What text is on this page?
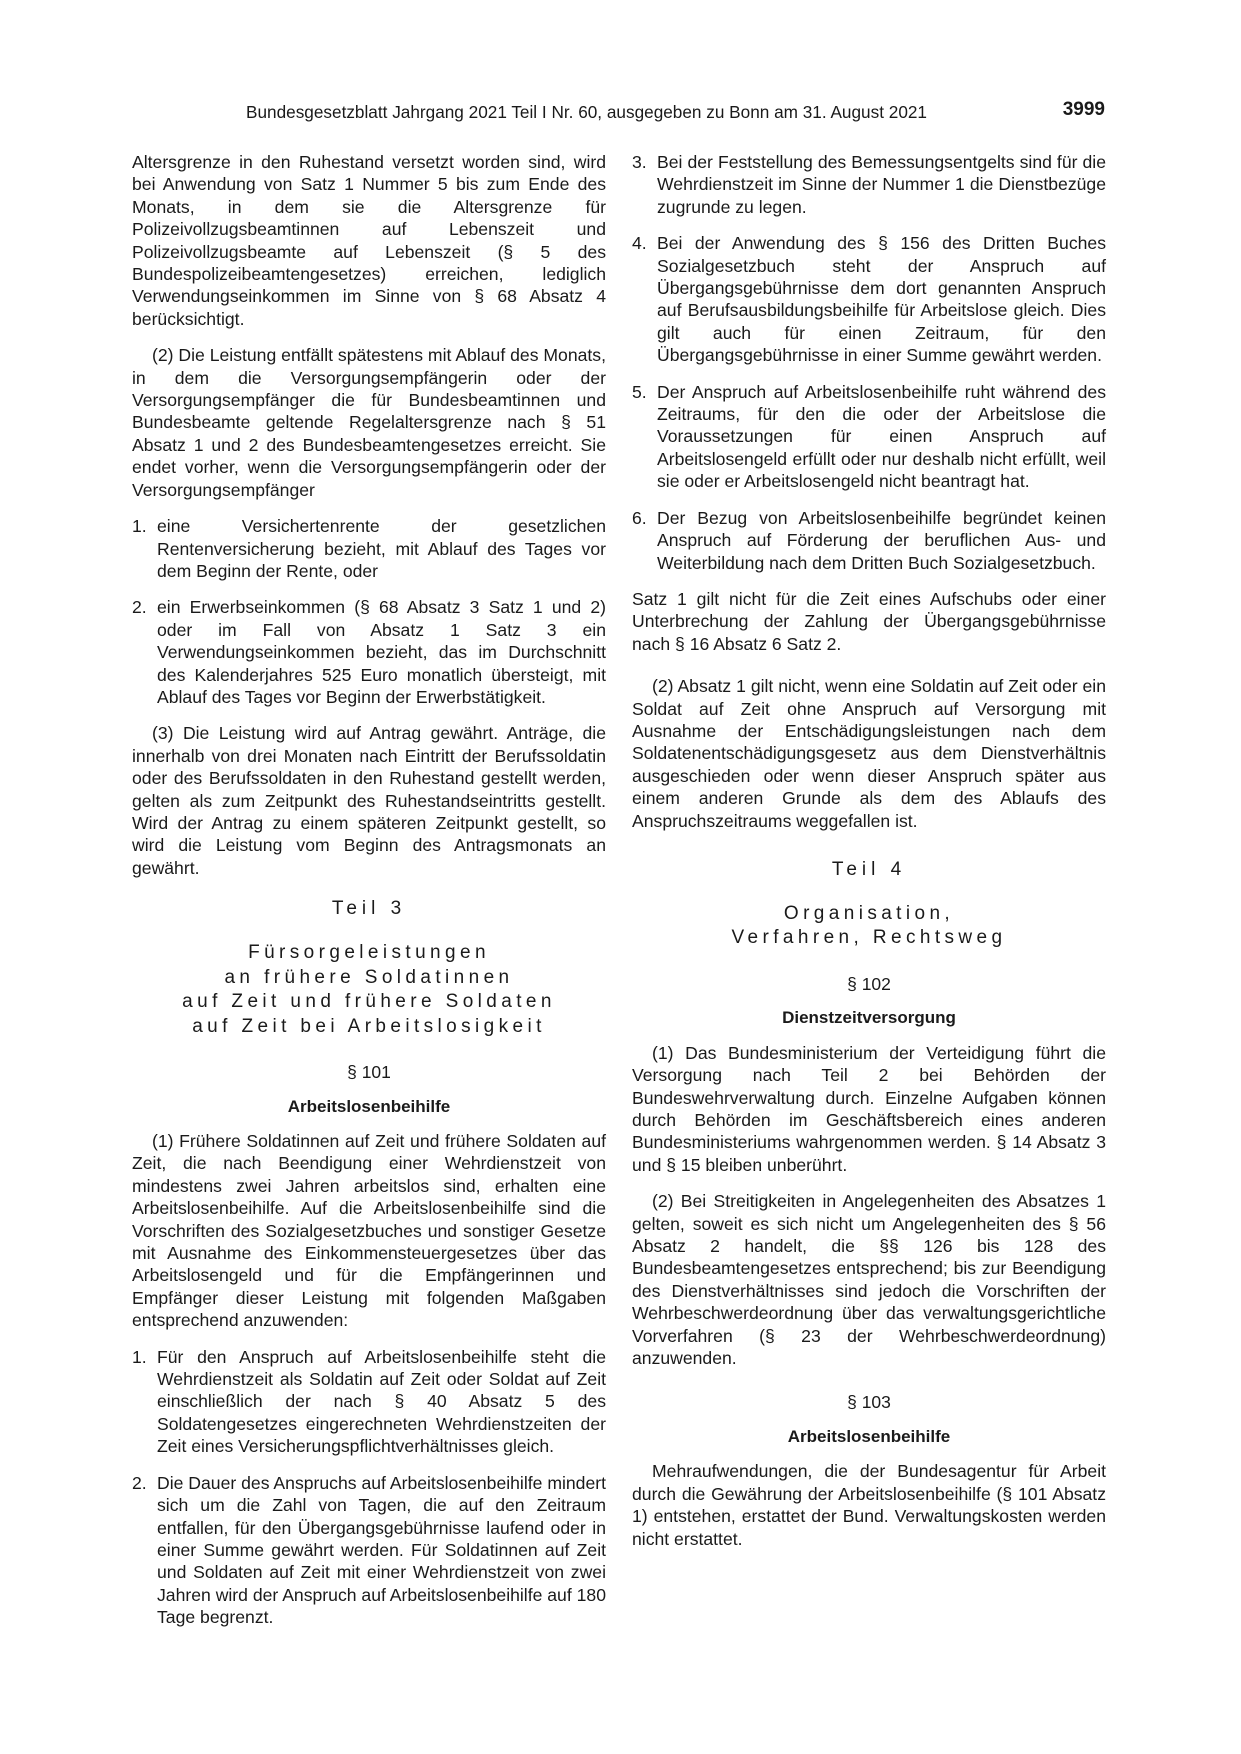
Bundesgesetzblatt Jahrgang 2021 Teil I Nr. 60, ausgegeben zu Bonn am 31. August 2021	3999

Altersgrenze in den Ruhestand versetzt worden sind, wird bei Anwendung von Satz 1 Nummer 5 bis zum Ende des Monats, in dem sie die Altersgrenze für Polizeivollzugsbeamtinnen auf Lebenszeit und Polizeivollzugsbeamte auf Lebenszeit (§ 5 des Bundespolizeibeamtengesetzes) erreichen, lediglich Verwendungseinkommen im Sinne von § 68 Absatz 4 berücksichtigt.

(2) Die Leistung entfällt spätestens mit Ablauf des Monats, in dem die Versorgungsempfängerin oder der Versorgungsempfänger die für Bundesbeamtinnen und Bundesbeamte geltende Regelaltersgrenze nach § 51 Absatz 1 und 2 des Bundesbeamtengesetzes erreicht. Sie endet vorher, wenn die Versorgungsempfängerin oder der Versorgungsempfänger

1. eine Versichertenrente der gesetzlichen Rentenversicherung bezieht, mit Ablauf des Tages vor dem Beginn der Rente, oder
2. ein Erwerbseinkommen (§ 68 Absatz 3 Satz 1 und 2) oder im Fall von Absatz 1 Satz 3 ein Verwendungseinkommen bezieht, das im Durchschnitt des Kalenderjahres 525 Euro monatlich übersteigt, mit Ablauf des Tages vor Beginn der Erwerbstätigkeit.

(3) Die Leistung wird auf Antrag gewährt. Anträge, die innerhalb von drei Monaten nach Eintritt der Berufssoldatin oder des Berufssoldaten in den Ruhestand gestellt werden, gelten als zum Zeitpunkt des Ruhestandseintritts gestellt. Wird der Antrag zu einem späteren Zeitpunkt gestellt, so wird die Leistung vom Beginn des Antragsmonats an gewährt.

Teil 3
Fürsorgeleistungen
an frühere Soldatinnen
auf Zeit und frühere Soldaten
auf Zeit bei Arbeitslosigkeit
§ 101
Arbeitslosenbeihilfe

(1) Frühere Soldatinnen auf Zeit und frühere Soldaten auf Zeit, die nach Beendigung einer Wehrdienstzeit von mindestens zwei Jahren arbeitslos sind, erhalten eine Arbeitslosenbeihilfe. Auf die Arbeitslosenbeihilfe sind die Vorschriften des Sozialgesetzbuches und sonstiger Gesetze mit Ausnahme des Einkommensteuergesetzes über das Arbeitslosengeld und für die Empfängerinnen und Empfänger dieser Leistung mit folgenden Maßgaben entsprechend anzuwenden:

1. Für den Anspruch auf Arbeitslosenbeihilfe steht die Wehrdienstzeit als Soldatin auf Zeit oder Soldat auf Zeit einschließlich der nach § 40 Absatz 5 des Soldatengesetzes eingerechneten Wehrdienstzeiten der Zeit eines Versicherungspflichtverhältnisses gleich.
2. Die Dauer des Anspruchs auf Arbeitslosenbeihilfe mindert sich um die Zahl von Tagen, die auf den Zeitraum entfallen, für den Übergangsgebührnisse laufend oder in einer Summe gewährt werden. Für Soldatinnen auf Zeit und Soldaten auf Zeit mit einer Wehrdienstzeit von zwei Jahren wird der Anspruch auf Arbeitslosenbeihilfe auf 180 Tage begrenzt.
3. Bei der Feststellung des Bemessungsentgelts sind für die Wehrdienstzeit im Sinne der Nummer 1 die Dienstbezüge zugrunde zu legen.
4. Bei der Anwendung des § 156 des Dritten Buches Sozialgesetzbuch steht der Anspruch auf Übergangsgebührnisse dem dort genannten Anspruch auf Berufsausbildungsbeihilfe für Arbeitslose gleich. Dies gilt auch für einen Zeitraum, für den Übergangsgebührnisse in einer Summe gewährt werden.
5. Der Anspruch auf Arbeitslosenbeihilfe ruht während des Zeitraums, für den die oder der Arbeitslose die Voraussetzungen für einen Anspruch auf Arbeitslosengeld erfüllt oder nur deshalb nicht erfüllt, weil sie oder er Arbeitslosengeld nicht beantragt hat.
6. Der Bezug von Arbeitslosenbeihilfe begründet keinen Anspruch auf Förderung der beruflichen Aus- und Weiterbildung nach dem Dritten Buch Sozialgesetzbuch.

Satz 1 gilt nicht für die Zeit eines Aufschubs oder einer Unterbrechung der Zahlung der Übergangsgebührnisse nach § 16 Absatz 6 Satz 2.

(2) Absatz 1 gilt nicht, wenn eine Soldatin auf Zeit oder ein Soldat auf Zeit ohne Anspruch auf Versorgung mit Ausnahme der Entschädigungsleistungen nach dem Soldatenentschädigungsgesetz aus dem Dienstverhältnis ausgeschieden oder wenn dieser Anspruch später aus einem anderen Grunde als dem des Ablaufs des Anspruchszeitraums weggefallen ist.

Teil 4
Organisation,
Verfahren, Rechtsweg
§ 102
Dienstzeitversorgung

(1) Das Bundesministerium der Verteidigung führt die Versorgung nach Teil 2 bei Behörden der Bundeswehrverwaltung durch. Einzelne Aufgaben können durch Behörden im Geschäftsbereich eines anderen Bundesministeriums wahrgenommen werden. § 14 Absatz 3 und § 15 bleiben unberührt.

(2) Bei Streitigkeiten in Angelegenheiten des Absatzes 1 gelten, soweit es sich nicht um Angelegenheiten des § 56 Absatz 2 handelt, die §§ 126 bis 128 des Bundesbeamtengesetzes entsprechend; bis zur Beendigung des Dienstverhältnisses sind jedoch die Vorschriften der Wehrbeschwerdeordnung über das verwaltungsgerichtliche Vorverfahren (§ 23 der Wehrbeschwerdeordnung) anzuwenden.

§ 103
Arbeitslosenbeihilfe

Mehraufwendungen, die der Bundesagentur für Arbeit durch die Gewährung der Arbeitslosenbeihilfe (§ 101 Absatz 1) entstehen, erstattet der Bund. Verwaltungskosten werden nicht erstattet.
